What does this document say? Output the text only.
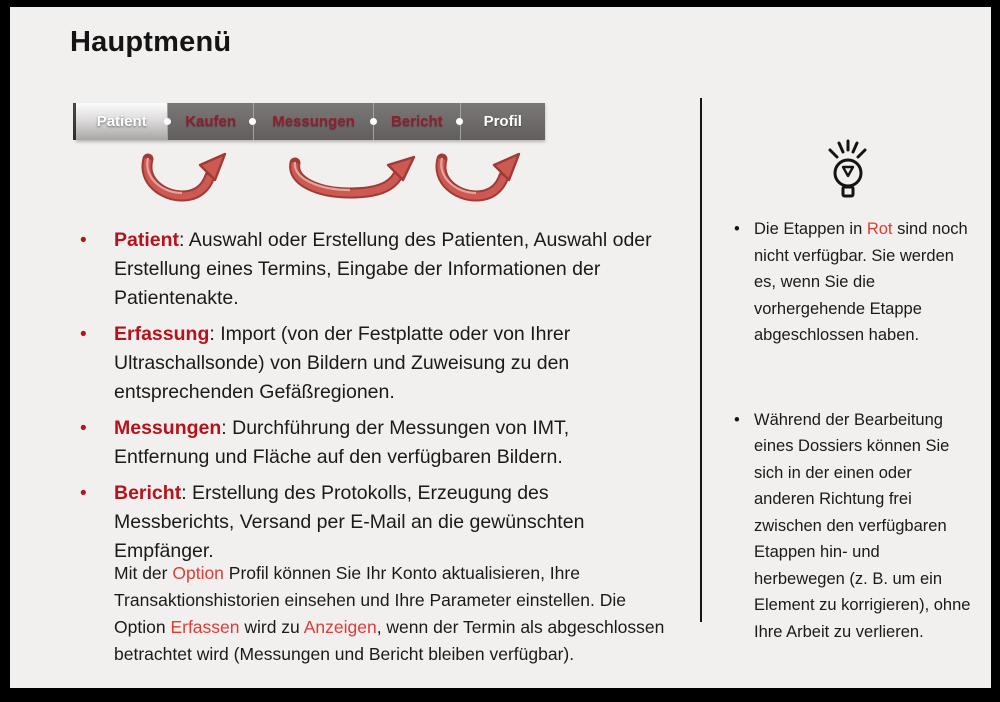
Hauptmenü
Patient	Kaufen Messungen Bericht	Profil
• Patient: Auswahl oder Erstellung des Patienten, Auswahl oder Erstellung eines Termins, Eingabe der Informationen der Patientenakte.
• Erfassung: Import (von der Festplatte oder von Ihrer Ultraschallsonde) von Bildern und Zuweisung zu den entsprechenden Gefäßregionen.
• Messungen: Durchführung der Messungen von IMT, Entfernung und Fläche auf den verfügbaren Bildern.
• Bericht: Erstellung des Protokolls, Erzeugung des Messberichts, Versand per E-Mail an die gewünschten Empfänger.
Mit der Option Profil können Sie Ihr Konto aktualisieren, Ihre Transaktionshistorien einsehen und Ihre Parameter einstellen. Die Option Erfassen wird zu Anzeigen, wenn der Termin als abgeschlossen betrachtet wird (Messungen und Bericht bleiben verfügbar).
• Die Etappen in Rot sind noch nicht verfügbar. Sie werden es, wenn Sie die vorhergehende Etappe abgeschlossen haben.
• Während der Bearbeitung eines Dossiers können Sie sich in der einen oder anderen Richtung frei zwischen den verfügbaren Etappen hin- und herbewegen (z. B. um ein Element zu korrigieren), ohne Ihre Arbeit zu verlieren.
